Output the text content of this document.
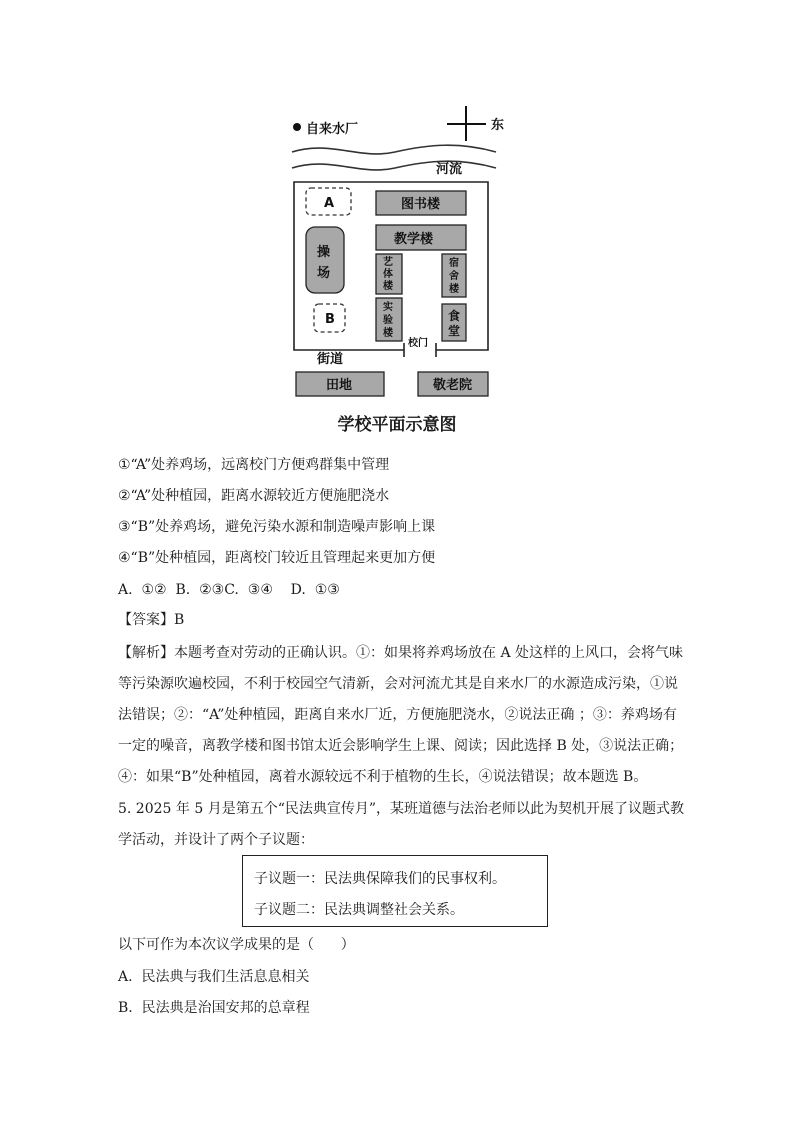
自来水厂	东
河流
A	图书楼
教学楼
操
场
艺
体
楼
宿
舍
楼
实
验
楼
食
堂
B
校门
街道
田地	敬老院
学校平面示意图
①“A”处养鸡场，远离校门方便鸡群集中管理
②“A”处种植园，距离水源较近方便施肥浇水
③“B”处养鸡场，避免污染水源和制造噪声影响上课
④“B”处种植园，距离校门较近且管理起来更加方便
A.  ①②  B.  ②③C.  ③④    D.  ①③
【答案】B
【解析】本题考查对劳动的正确认识。①：如果将养鸡场放在 A 处这样的上风口，会将气味等污染源吹遍校园，不利于校园空气清新，会对河流尤其是自来水厂的水源造成污染，①说法错误；②：“A”处种植园，距离自来水厂近，方便施肥浇水，②说法正确 ；③：养鸡场有一定的噪音，离教学楼和图书馆太近会影响学生上课、阅读；因此选择 B 处，③说法正确；④：如果“B”处种植园，离着水源较远不利于植物的生长，④说法错误；故本题选 B。
5. 2025 年 5 月是第五个“民法典宣传月”，某班道德与法治老师以此为契机开展了议题式教学活动，并设计了两个子议题：
子议题一：民法典保障我们的民事权利。
子议题二：民法典调整社会关系。
以下可作为本次议学成果的是（      ）
A.  民法典与我们生活息息相关
B.  民法典是治国安邦的总章程
